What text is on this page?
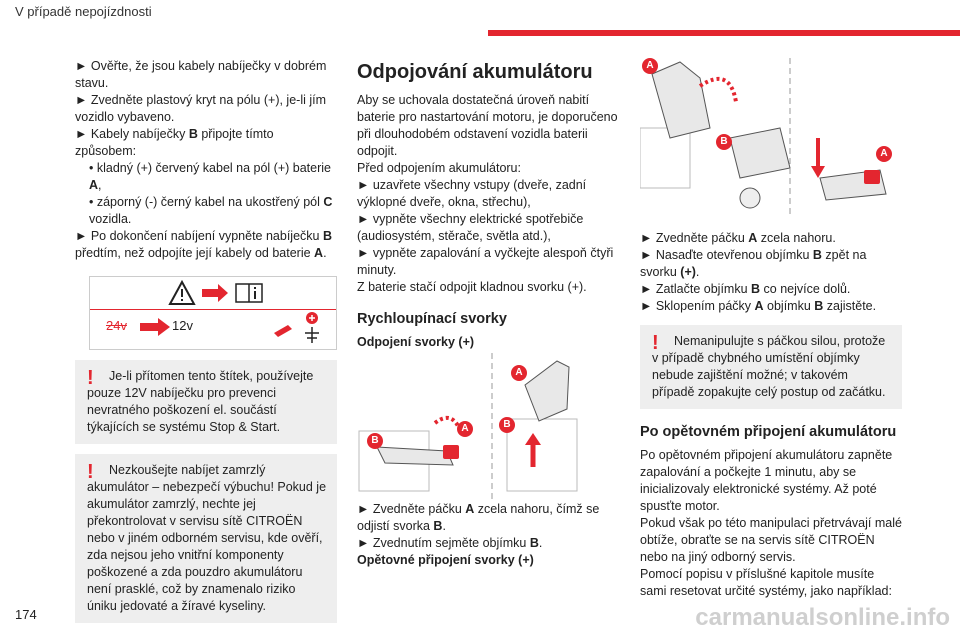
V případě nepojízdnosti

► Ověřte, že jsou kabely nabíječky v dobrém stavu.

► Zvedněte plastový kryt na pólu (+), je-li jím vozidlo vybaveno.

► Kabely nabíječky B připojte tímto způsobem:

• kladný (+) červený kabel na pól (+) baterie A,

• záporný (-) černý kabel na ukostřený pól C vozidla.

► Po dokončení nabíjení vypněte nabíječku B předtím, než odpojíte její kabely od baterie A.

24v	12v
!	Je-li přítomen tento štítek, používejte pouze 12V nabíječku pro prevenci nevratného poškození el. součástí týkajících se systému Stop & Start.

!	Nezkoušejte nabíjet zamrzlý akumulátor – nebezpečí výbuchu! Pokud je akumulátor zamrzlý, nechte jej překontrolovat v servisu sítě CITROËN nebo v jiném odborném servisu, kde ověří, zda nejsou jeho vnitřní komponenty poškozené a zda pouzdro akumulátoru není prasklé, což by znamenalo riziko úniku jedovaté a žíravé kyseliny.

Odpojování akumulátoru

Aby se uchovala dostatečná úroveň nabití baterie pro nastartování motoru, je doporučeno při dlouhodobém odstavení vozidla baterii odpojit.

Před odpojením akumulátoru:

► uzavřete všechny vstupy (dveře, zadní výklopné dveře, okna, střechu),

► vypněte všechny elektrické spotřebiče (audiosystém, stěrače, světla atd.),

► vypněte zapalování a vyčkejte alespoň čtyři minuty.

Z baterie stačí odpojit kladnou svorku (+).

Rychloupínací svorky

Odpojení svorky (+)

B
A
A
B

► Zvedněte páčku A zcela nahoru, čímž se odjistí svorka B.

► Zvednutím sejměte objímku B.

Opětovné připojení svorky (+)

A
B
A

► Zvedněte páčku A zcela nahoru.

► Nasaďte otevřenou objímku B zpět na svorku (+).

► Zatlačte objímku B co nejvíce dolů.

► Sklopením páčky A objímku B zajistěte.

!	Nemanipulujte s páčkou silou, protože v případě chybného umístění objímky nebude zajištění možné; v takovém případě zopakujte celý postup od začátku.

Po opětovném připojení akumulátoru

Po opětovném připojení akumulátoru zapněte zapalování a počkejte 1 minutu, aby se inicializovaly elektronické systémy. Až poté spusťte motor.

Pokud však po této manipulaci přetrvávají malé obtíže, obraťte se na servis sítě CITROËN nebo na jiný odborný servis.

Pomocí popisu v příslušné kapitole musíte sami resetovat určité systémy, jako například:

174	carmanualsonline.info
